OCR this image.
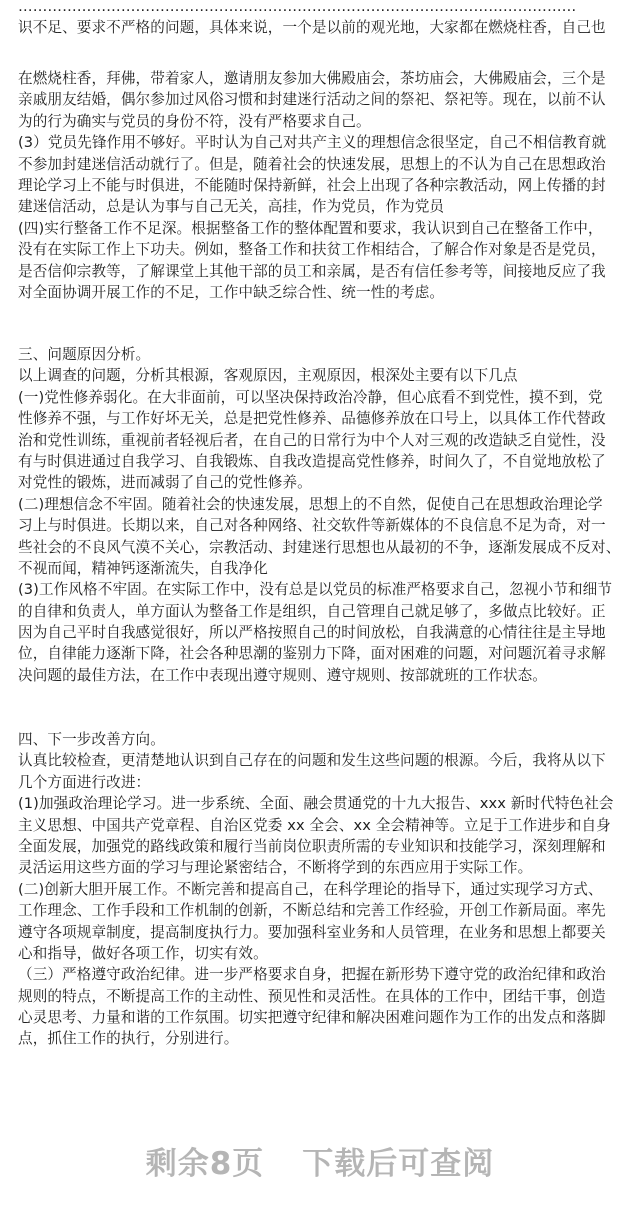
……………………………………………………………………………………………………
识不足、要求不严格的问题，具体来说，一个是以前的观光地，大家都在燃烧柱香，自己也
在燃烧柱香，拜佛，带着家人，邀请朋友参加大佛殿庙会，茶坊庙会，大佛殿庙会，三个是
亲戚朋友结婚，偶尔参加过风俗习惯和封建迷行活动之间的祭祀、祭祀等。现在，以前不认
为的行为确实与党员的身份不符，没有严格要求自己。
(3）党员先锋作用不够好。平时认为自己对共产主义的理想信念很坚定，自己不相信教育就
不参加封建迷信活动就行了。但是，随着社会的快速发展，思想上的不认为自己在思想政治
理论学习上不能与时俱进，不能随时保持新鲜，社会上出现了各种宗教活动，网上传播的封
建迷信活动，总是认为事与自己无关，高挂，作为党员，作为党员
(四)实行整备工作不足深。根据整备工作的整体配置和要求，我认识到自己在整备工作中，
没有在实际工作上下功夫。例如，整备工作和扶贫工作相结合，了解合作对象是否是党员，
是否信仰宗教等，了解课堂上其他干部的员工和亲属，是否有信任参考等，间接地反应了我
对全面协调开展工作的不足，工作中缺乏综合性、统一性的考虑。
三、问题原因分析。
以上调查的问题，分析其根源，客观原因，主观原因，根深处主要有以下几点
(一)党性修养弱化。在大非面前，可以坚决保持政治冷静，但心底看不到党性，摸不到，党
性修养不强，与工作好坏无关，总是把党性修养、品德修养放在口号上，以具体工作代替政
治和党性训练，重视前者轻视后者，在自己的日常行为中个人对三观的改造缺乏自觉性，没
有与时俱进通过自我学习、自我锻炼、自我改造提高党性修养，时间久了，不自觉地放松了
对党性的锻炼，进而减弱了自己的党性修养。
(二)理想信念不牢固。随着社会的快速发展，思想上的不自然，促使自己在思想政治理论学
习上与时俱进。长期以来，自己对各种网络、社交软件等新媒体的不良信息不足为奇，对一
些社会的不良风气漠不关心，宗教活动、封建迷行思想也从最初的不争，逐渐发展成不反对、
不视而闻，精神钙逐渐流失，自我净化
(3)工作风格不牢固。在实际工作中，没有总是以党员的标准严格要求自己，忽视小节和细节
的自律和负责人，单方面认为整备工作是组织，自己管理自己就足够了，多做点比较好。正
因为自己平时自我感觉很好，所以严格按照自己的时间放松，自我满意的心情往往是主导地
位，自律能力逐渐下降，社会各种思潮的鉴别力下降，面对困难的问题，对问题沉着寻求解
决问题的最佳方法，在工作中表现出遵守规则、遵守规则、按部就班的工作状态。
四、下一步改善方向。
认真比较检查，更清楚地认识到自己存在的问题和发生这些问题的根源。今后，我将从以下
几个方面进行改进：
(1)加强政治理论学习。进一步系统、全面、融会贯通党的十九大报告、xxx 新时代特色社会
主义思想、中国共产党章程、自治区党委 xx 全会、xx 全会精神等。立足于工作进步和自身
全面发展，加强党的路线政策和履行当前岗位职责所需的专业知识和技能学习，深刻理解和
灵活运用这些方面的学习与理论紧密结合，不断将学到的东西应用于实际工作。
(二)创新大胆开展工作。不断完善和提高自己，在科学理论的指导下，通过实现学习方式、
工作理念、工作手段和工作机制的创新，不断总结和完善工作经验，开创工作新局面。率先
遵守各项规章制度，提高制度执行力。要加强科室业务和人员管理，在业务和思想上都要关
心和指导，做好各项工作，切实有效。
（三）严格遵守政治纪律。进一步严格要求自身，把握在新形势下遵守党的政治纪律和政治
规则的特点，不断提高工作的主动性、预见性和灵活性。在具体的工作中，团结干事，创造
心灵思考、力量和谐的工作氛围。切实把遵守纪律和解决困难问题作为工作的出发点和落脚
点，抓住工作的执行，分别进行。
剩余8页 下载后可查阅
